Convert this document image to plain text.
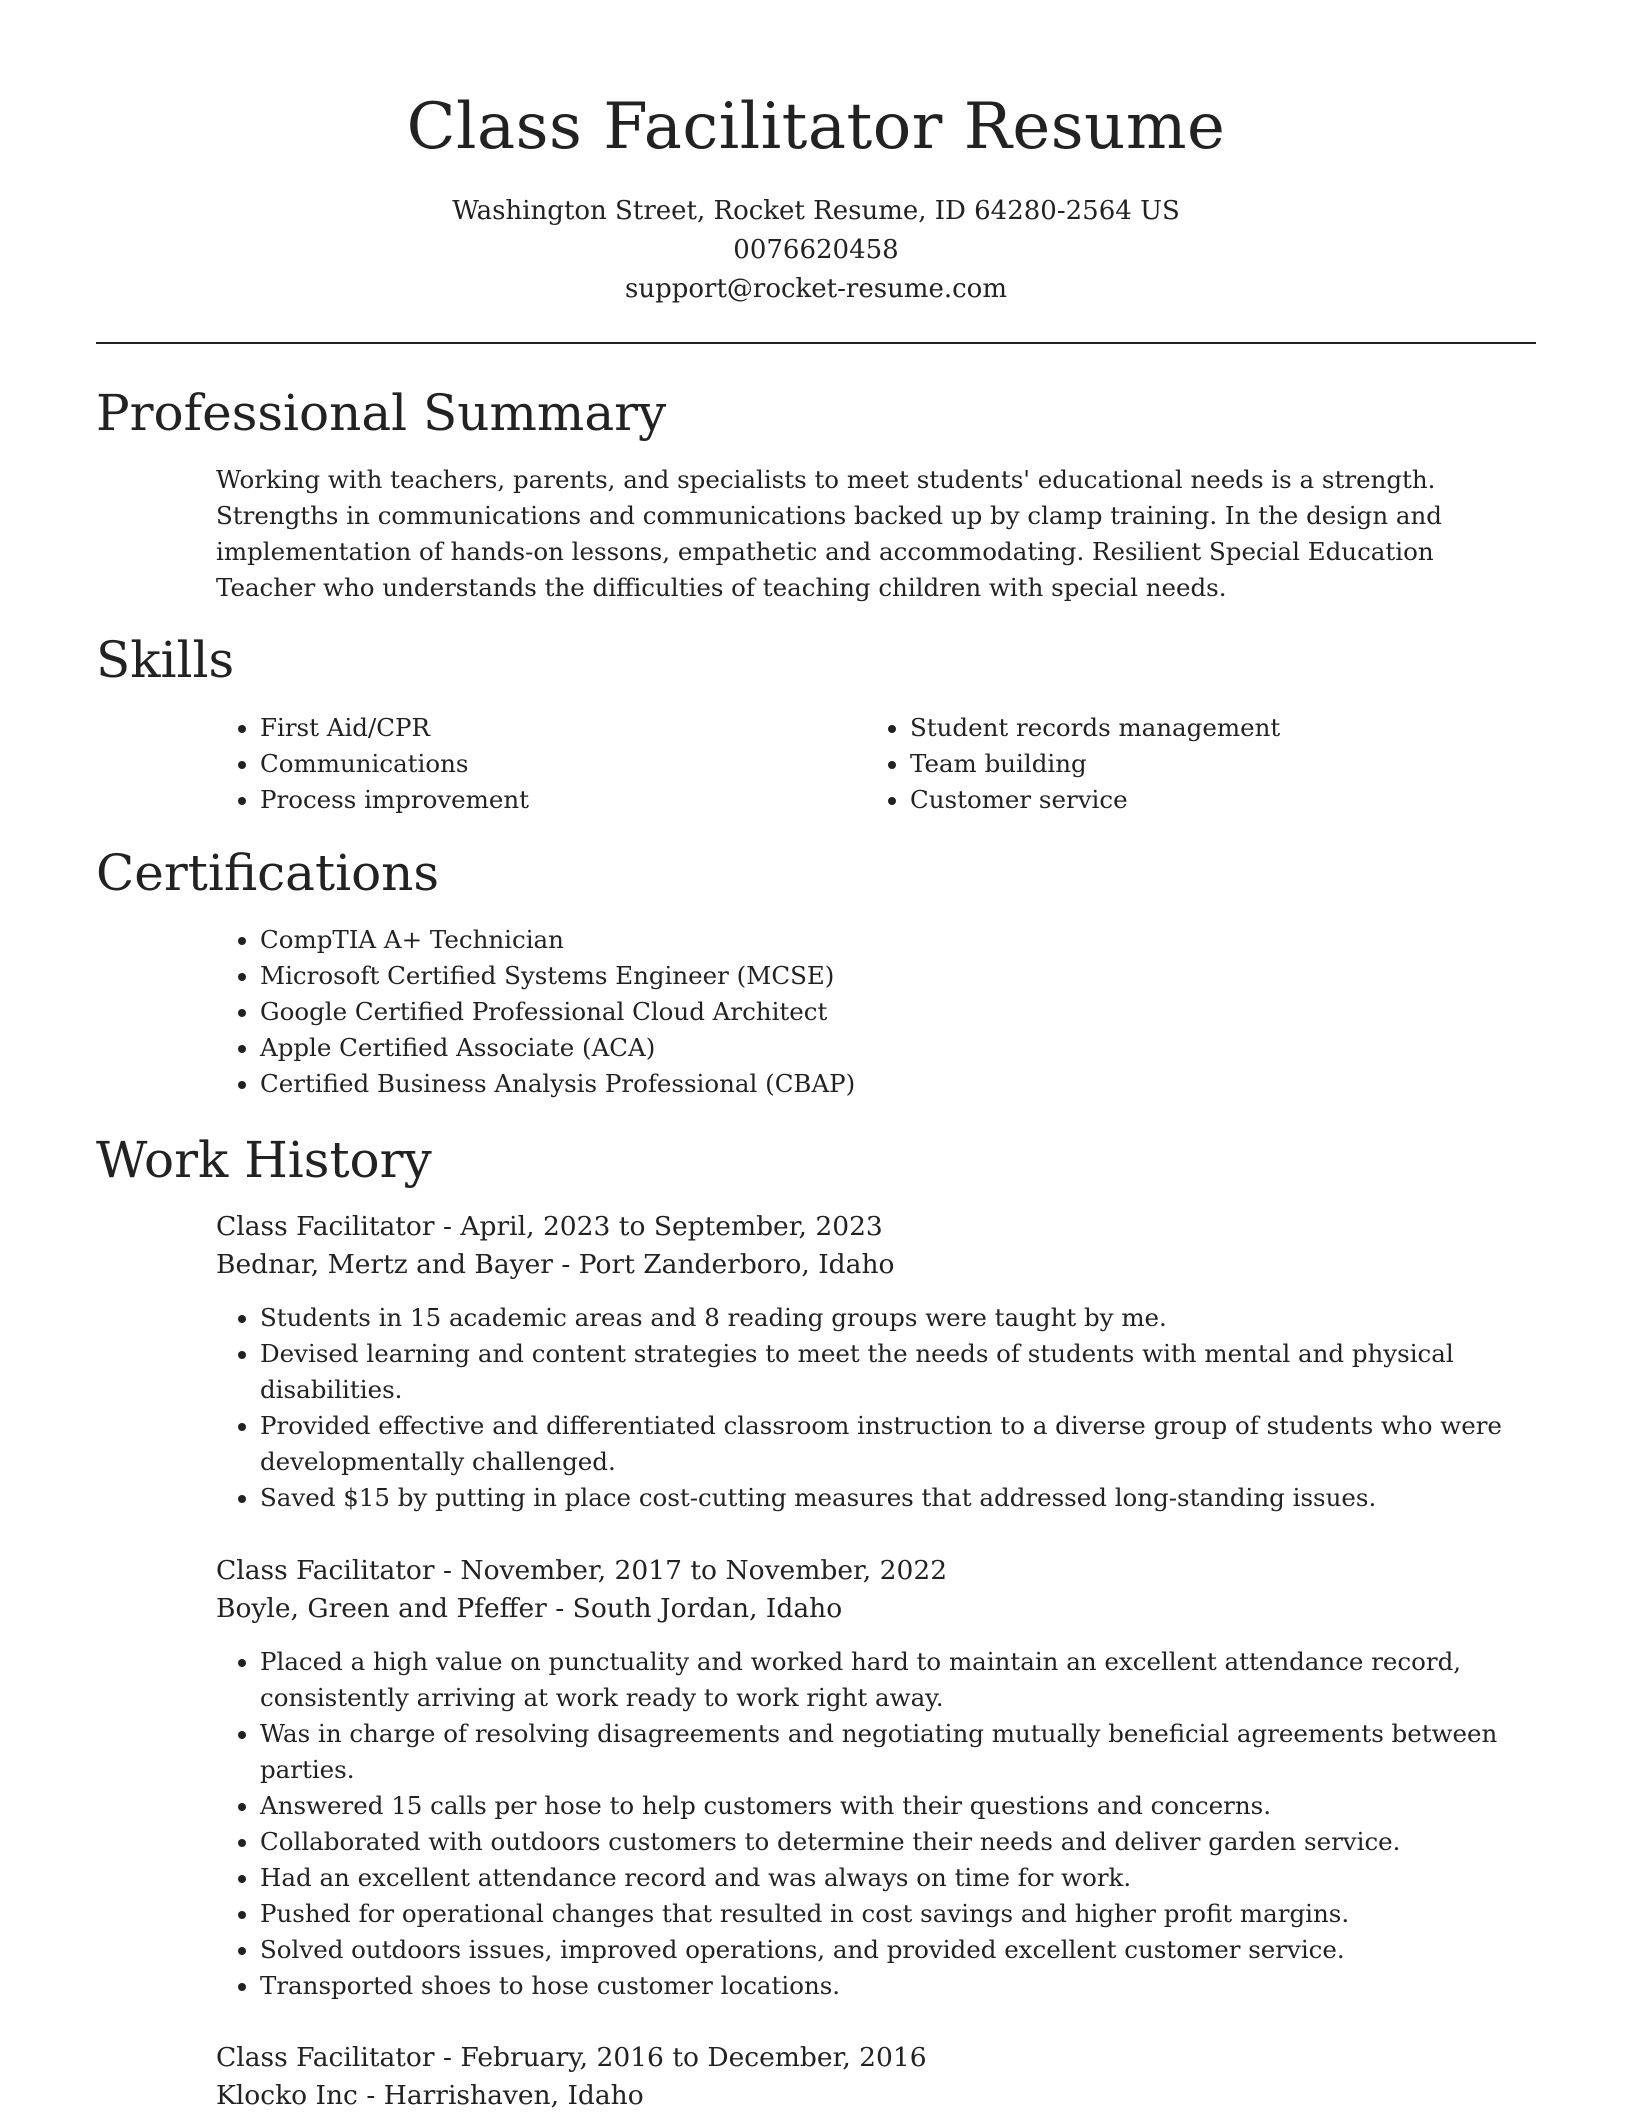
Class Facilitator Resume
Washington Street, Rocket Resume, ID 64280-2564 US
0076620458
support@rocket-resume.com
Professional Summary
Working with teachers, parents, and specialists to meet students' educational needs is a strength. Strengths in communications and communications backed up by clamp training. In the design and implementation of hands-on lessons, empathetic and accommodating. Resilient Special Education Teacher who understands the difficulties of teaching children with special needs.
Skills
• First Aid/CPR
• Communications
• Process improvement
• Student records management
• Team building
• Customer service
Certifications
• CompTIA A+ Technician
• Microsoft Certified Systems Engineer (MCSE)
• Google Certified Professional Cloud Architect
• Apple Certified Associate (ACA)
• Certified Business Analysis Professional (CBAP)
Work History
Class Facilitator - April, 2023 to September, 2023
Bednar, Mertz and Bayer - Port Zanderboro, Idaho
• Students in 15 academic areas and 8 reading groups were taught by me.
• Devised learning and content strategies to meet the needs of students with mental and physical disabilities.
• Provided effective and differentiated classroom instruction to a diverse group of students who were developmentally challenged.
• Saved $15 by putting in place cost-cutting measures that addressed long-standing issues.
Class Facilitator - November, 2017 to November, 2022
Boyle, Green and Pfeffer - South Jordan, Idaho
• Placed a high value on punctuality and worked hard to maintain an excellent attendance record, consistently arriving at work ready to work right away.
• Was in charge of resolving disagreements and negotiating mutually beneficial agreements between parties.
• Answered 15 calls per hose to help customers with their questions and concerns.
• Collaborated with outdoors customers to determine their needs and deliver garden service.
• Had an excellent attendance record and was always on time for work.
• Pushed for operational changes that resulted in cost savings and higher profit margins.
• Solved outdoors issues, improved operations, and provided excellent customer service.
• Transported shoes to hose customer locations.
Class Facilitator - February, 2016 to December, 2016
Klocko Inc - Harrishaven, Idaho
